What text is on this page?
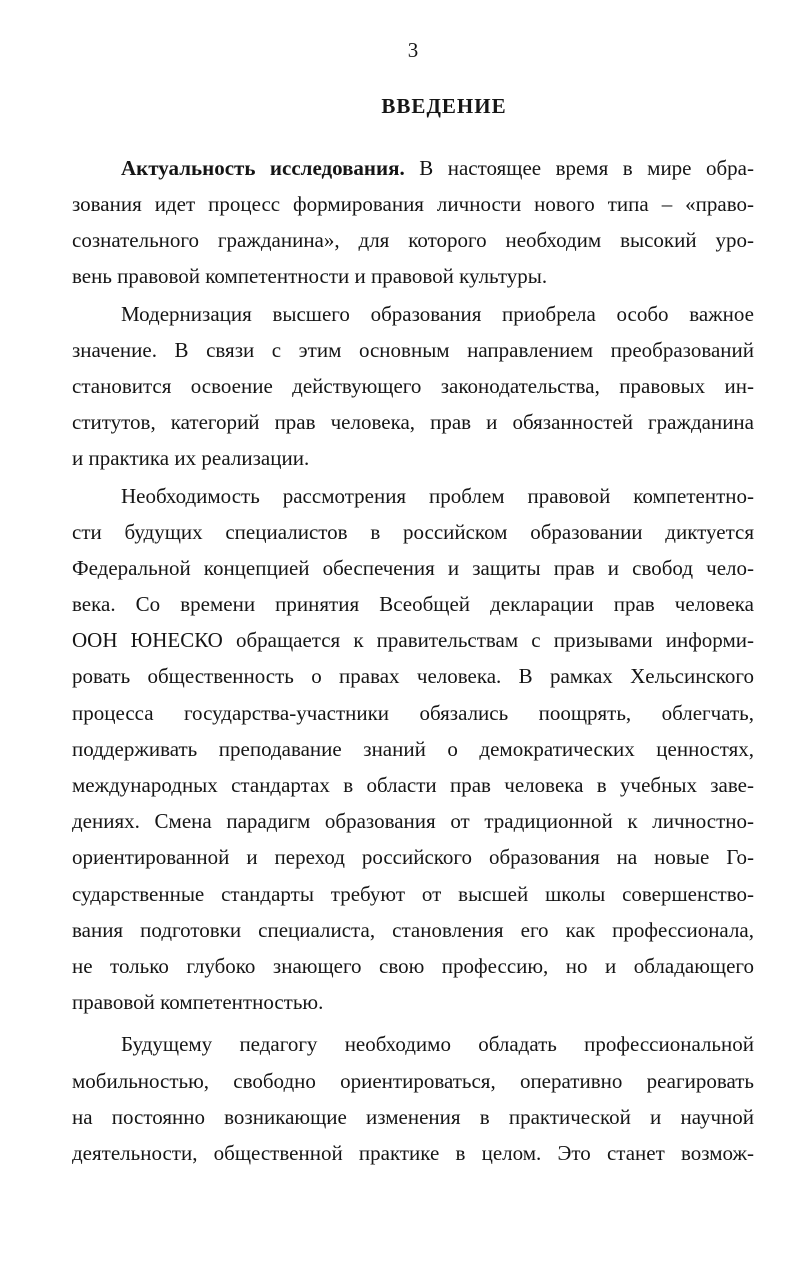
3
ВВЕДЕНИЕ
Актуальность исследования. В настоящее время в мире обра-
зования идет процесс формирования личности нового типа – «право-
сознательного гражданина», для которого необходим высокий уро-
вень правовой компетентности и правовой культуры.
Модернизация высшего образования приобрела особо важное
значение. В связи с этим основным направлением преобразований
становится освоение действующего законодательства, правовых ин-
ститутов, категорий прав человека, прав и обязанностей гражданина
и практика их реализации.
Необходимость рассмотрения проблем правовой компетентно-
сти будущих специалистов в российском образовании диктуется
Федеральной концепцией обеспечения и защиты прав и свобод чело-
века. Со времени принятия Всеобщей декларации прав человека
ООН ЮНЕСКО обращается к правительствам с призывами информи-
ровать общественность о правах человека. В рамках Хельсинского
процесса государства-участники обязались поощрять, облегчать,
поддерживать преподавание знаний о демократических ценностях,
международных стандартах в области прав человека в учебных заве-
дениях. Смена парадигм образования от традиционной к личностно-
ориентированной и переход российского образования на новые Го-
сударственные стандарты требуют от высшей школы совершенство-
вания подготовки специалиста, становления его как профессионала,
не только глубоко знающего свою профессию, но и обладающего
правовой компетентностью.
Будущему педагогу необходимо обладать профессиональной
мобильностью, свободно ориентироваться, оперативно реагировать
на постоянно возникающие изменения в практической и научной
деятельности, общественной практике в целом. Это станет возмож-
